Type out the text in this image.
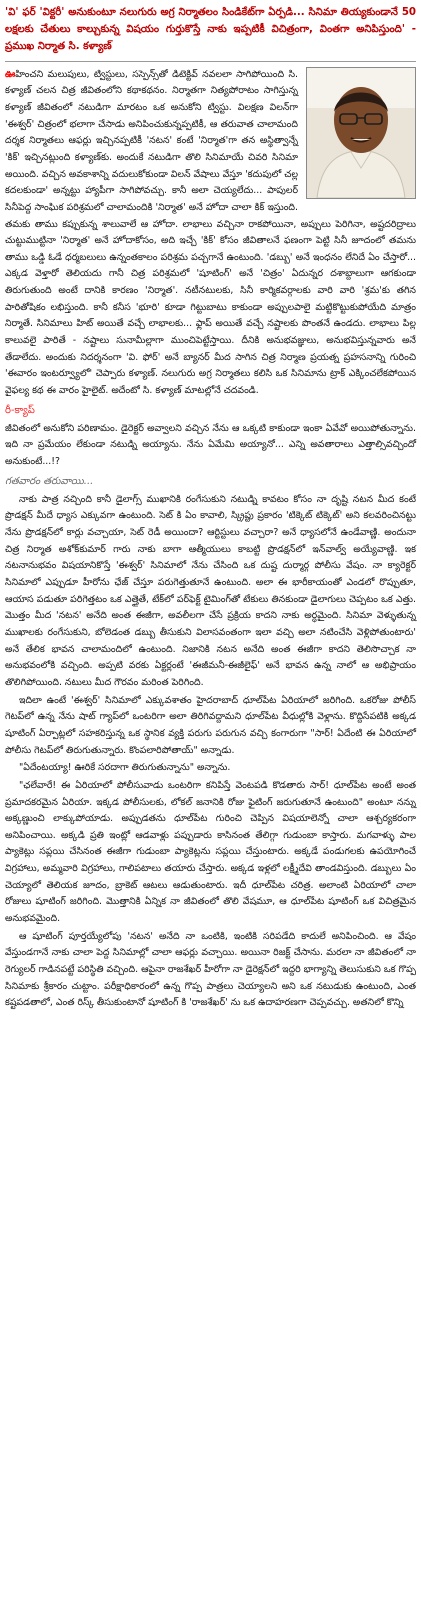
'వి' ఫర్ 'విక్టరీ' అనుకుంటూ నలుగురు అగ్ర నిర్మాతలం సిండికేట్‌గా ఏర్పడి... సినిమా తియ్యకుండానే 50 లక్షలకు చేతులు కాల్చుకున్న విషయం గుర్తుకొస్తే నాకు ఇప్పటికీ విచిత్రంగా, వింతగా అనిపిస్తుంది' - ప్రముఖ నిర్మాత సి. కళ్యాణ్

ఊహించని మలుపులు, ట్విస్టులు, సస్పెన్స్‌తో డిటెక్టివ్ నవలలా సాగిపోయింది సి. కళ్యాణ్ చలన చిత్ర జీవితంలోని కథాకథనం. నిర్మాతగా నిత్యపోరాటం సాగిస్తున్న కళ్యాణ్ జీవితంలో నటుడిగా మారటం ఒక అనుకోని ట్విస్టు. విలక్షణ విలన్‌గా 'ఈశ్వర్' చిత్రంలో భలాగా చేసాడు అనిపించుకున్నప్పటికీ, ఆ తరువాత చాలామంది దర్శక నిర్మాతలు ఆఫర్లు ఇచ్చినప్పటికీ 'నటన' కంటే 'నిర్మాత'గా తన అస్థిత్వాన్నే 'కిక్' ఇచ్చినట్లుంది కళ్యాణ్‌కు. అందుకే నటుడిగా తొలి సినిమాయే చివరి సినిమా అయింది. వచ్చిన అవకాశాన్ని వదులుకోకుండా విలన్ వేషాలు వేస్తూ 'కదుపులో చల్ల కదలకుండా' అన్నట్టు హ్యాపీగా సాగిపోవచ్చు. కానీ అలా చెయ్యలేదు... పాపులర్ సినీపెద్ద సాంఘిక పరిశ్రమలో చాలామందికి 'నిర్మాత' అనే హోదా చాలా కిక్ ఇస్తుంది. తమకు తాము కప్పుకున్న శాలువాలే ఆ హోదా. లాభాలు వచ్చినా రాకపోయినా, అప్పులు పెరిగినా, అష్టదరిద్రాలు చుట్టుముట్టినా 'నిర్మాత' అనే హోదాకోసం, అది ఇచ్చే 'కిక్' కోసం జీవితాలనే ఫణంగా పెట్టి సినీ జూదంలో తమను తాము ఒడ్డి ఓడే ధర్మబలులు ఉన్నంతకాలం పరిశ్రమ పచ్చగానే ఉంటుంది. 'డబ్బు' అనే ఇంధనం లేనిదే ఏం చేస్తారో... ఎక్కడ వెళ్తారో తెలియదు గానీ చిత్ర పరిశ్రమలో 'షూటింగ్' అనే 'చిత్రం' ఏదున్నర దశాబ్దాలుగా ఆగకుండా తిరుగుతుంది అంటే దానికి కారణం 'నిర్మాత'. నటీనటులకు, సినీ కార్మికవర్గాలకు వారి వారి 'శ్రమ'కు తగిన పారితోషికం లభిస్తుంది. కానీ కనీస 'భూరి' కూడా గిట్టుబాటు కాకుండా అప్పులపాలై మట్టికొట్టుకుపోయేది మాత్రం నిర్మాతే. సినిమాలు హిట్ అయితే వచ్చే లాభాలకు... ఫ్లాప్ అయితే వచ్చే నష్టాలకు పొంతనే ఉండదు. లాభాలు పిల్ల కాలువలై పారితే - నష్టాలు సునామీల్లాగా ముంచిపెట్టేస్తాయి. దీనికి అనుభవజ్ఞులు, అనుభవిస్తున్నవారు అనే తేడాలేదు. అందుకు నిదర్శనంగా 'వి. ఫోర్' అనే బ్యానర్ మీద సాగిన చిత్ర నిర్మాణ ప్రయత్న ప్రహసనాన్ని గురించి 'ఈవారం ఇంటర్వ్యూలో' చెప్పారు కళ్యాణ్. నలుగురు అగ్ర నిర్మాతలు కలిసి ఒక సినిమాను ట్రాక్ ఎక్కించలేకపోయిన వైఫల్య కథ ఈ వారం హైలైట్. అదేంటో సి. కళ్యాణ్ మాటల్లోనే చదవండి.

రీ-క్యాప్

జీవితంలో అనుకోని పరిణామం. డైరెక్టర్ అవ్వాలని వచ్చిన నేను ఆ ఒక్కటి కాకుండా ఇంకా ఏవేవో అయిపోతున్నాను. ఇది నా ప్రమేయం లేకుండా నటుడ్ని అయ్యాను. నేను ఏమేమి అయ్యానో... ఎన్ని అవతారాలు ఎత్తాల్సివచ్చిందో అనుకుంటే...!?

గతవారం తరువాయి...

నాకు పాత్ర నచ్చింది కానీ డైలాగ్స్ ముఖానికి రంగేసుకుని నటుడ్ని కావటం కోసం నా దృష్టి నటన మీద కంటే ప్రొడక్షన్ మీదే ధ్యాస ఎక్కువగా ఉంటుంది. సెట్ కి ఏం కావాలి, స్క్రిప్టు ప్రకారం 'టిక్కెట్ టిక్కెట్' అని కలవరించినట్టు నేను ప్రొడక్షన్‌లో కార్లు వచ్చాయా, సెట్ రెడీ అయిందా? ఆర్టిస్టులు వచ్చారా? అనే ధ్యాసలోనే ఉండేవాణ్ణి. అందునా చిత్ర నిర్మాత అశోక్‌కుమార్ గారు నాకు బాగా ఆత్మీయులు కాబట్టి ప్రొడక్షన్‌లో ఇన్‌వాల్వ్ అయ్యేవాణ్ణి. ఇక నటనానుభవం విషయానికొస్తే 'ఈశ్వర్' సినిమాలో నేను చేసింది ఒక దుష్ట దుర్మార్గ పోలీసు వేషం. నా క్యారెక్టర్ సినిమాలో ఎప్పుడూ హీరోను ఛేజ్ చేస్తూ పరుగెత్తుతూనే ఉంటుంది. అలా ఈ భారీకాయంతో ఎండలో రొప్పుతూ, ఆయాస పడుతూ పరిగెత్తటం ఒక ఎత్తైతే, టేక్‌లో పర్‌ఫెక్ట్ టైమింగ్‌తో టేకులు తినకుండా డైలాగులు చెప్పటం ఒక ఎత్తు. మొత్తం మీద 'నటన' అనేది అంత ఈజీగా, అవలీలగా చేసే ప్రక్రియ కాదని నాకు అర్ధమైంది. సినిమా వెళ్ళుతున్న ముఖాలకు రంగేసుకుని, బోలెడంత డబ్బు తీసుకుని విలాసవంతంగా ఇలా వచ్చి అలా నటించేసి వెళ్లిపోతుంటారు' అనే తేలిక భావన చాలామందిలో ఉంటుంది. నిజానికి నటన అనేది అంత ఈజీగా కాదని తెలిసొచ్చాక నా అనుభవంలోకి వచ్చింది. అప్పటి వరకు ఏక్టర్లంటే 'ఈజీమనీ-ఈజీలైఫ్' అనే భావన ఉన్న నాలో ఆ అభిప్రాయం తొలిగిపోయింది. నటులు మీద గౌరవం మరింత పెరిగింది.

ఇదిలా ఉంటే 'ఈశ్వర్' సినిమాలో ఎక్కువశాతం హైదరాబాద్ ధూల్‌పేట ఏరియాలో జరిగింది. ఒకరోజు పోలీస్ గెటప్‌లో ఉన్న నేను షాట్ గ్యాప్‌లో ఒంటరిగా అలా తిరిగివద్దామని ధూల్‌పేట వీధుల్లోకి వెళ్లాను. కొద్దిసేపటికి అక్కడ షూటింగ్ ఏర్పాట్లలో సహకరిస్తున్న ఒక స్థానిక వ్యక్తి పరుగు పరుగున వచ్చి కంగారుగా "సార్! ఏదేంటి ఈ ఏరియాలో పోలీసు గెటప్‌లో తిరుగుతున్నారు. కొంపలారిపోతాయ్" అన్నాడు.

"ఏదేంటయ్యా! ఊరికే సరదాగా తిరుగుతున్నాను" అన్నాను.

"ఛలేవారే! ఈ ఏరియాలో పోలీసువాడు ఒంటరిగా కనిపిస్తే వెంటపడి కొడతారు సార్! ధూల్‌పేట అంటే అంత ప్రమాదకరమైన ఏరియా. ఇక్కడ పోలీసులకు, లోకల్ జనానికి రోజు ఫైటింగ్ జరుగుతూనే ఉంటుంది" అంటూ నన్ను అక్కణ్ణుంచి లాక్కుపోయాడు. అప్పుడతను ధూల్‌పేట గురించి చెప్పిన విషయాలెన్నో చాలా ఆశ్చర్యకరంగా అనిపించాయి. అక్కడి ప్రతి ఇంట్లో ఆడవాళ్లు పప్పుడారు కాసినంత తేలిగ్గా గుడుంబా కాస్తారు. మగవాళ్ళు పాల ప్యాకెట్లు సప్లయి చేసినంత ఈజీగా గుడుంబా ప్యాకెట్లను సప్లయి చేస్తుంటారు. అక్కడే పండుగలకు ఉపయోగించే విగ్రహాలు, అమ్మవారి విగ్రహాలు, గాలిపటాలు తయారు చేస్తారు. అక్కడ ఇళ్లలో లక్ష్మీదేవి తాండవిస్తుంది. డబ్బులు ఏం చెయ్యాలో తెలియక జూదం, బ్రాకెట్ ఆటలు ఆడుతుంటారు. ఇదీ ధూల్‌పేట చరిత్ర. అలాంటి ఏరియాలో చాలా రోజులు షూటింగ్ జరిగింది. మొత్తానికి ఏన్నిక నా జీవితంలో తొలి వేషమూ, ఆ ధూల్‌పేట షూటింగ్ ఒక విచిత్రమైన అనుభవమైంది.

ఆ షూటింగ్ పూర్తయ్యేలోపు 'నటన' అనేది నా ఒంటికి, ఇంటికి సరిపడేది కాదులే అనిపించింది. ఆ వేషం వేస్తుండగానే నాకు చాలా పెద్ద సినిమాల్లో చాలా ఆఫర్లు వచ్చాయి. అయినా రిజక్ట్ చేసాను. మరలా నా జీవితంలో నా రెగ్యులర్ గాడినపట్టే పరిస్థితి వచ్చింది. ఆపైనా రాజశేఖర్ హీరోగా నా డైరెక్షన్‌లో ఇద్దరి భాగ్యాన్ని తెలుసుకుని ఒక గొప్ప సినిమాకు శ్రీకారం చుట్టాం. పరీక్షాధికారంలో ఉన్న గొప్ప పాత్రలు చెయ్యాలని అని ఒక నటుడుకు ఉంటుంది, ఎంత కష్టపడతాలో, ఎంత రిస్క్ తీసుకుంటానో షూటింగ్ కి 'రాజశేఖర్' ను ఒక ఉదాహరణగా చెప్పవచ్చు. అతనిలో కొన్ని
